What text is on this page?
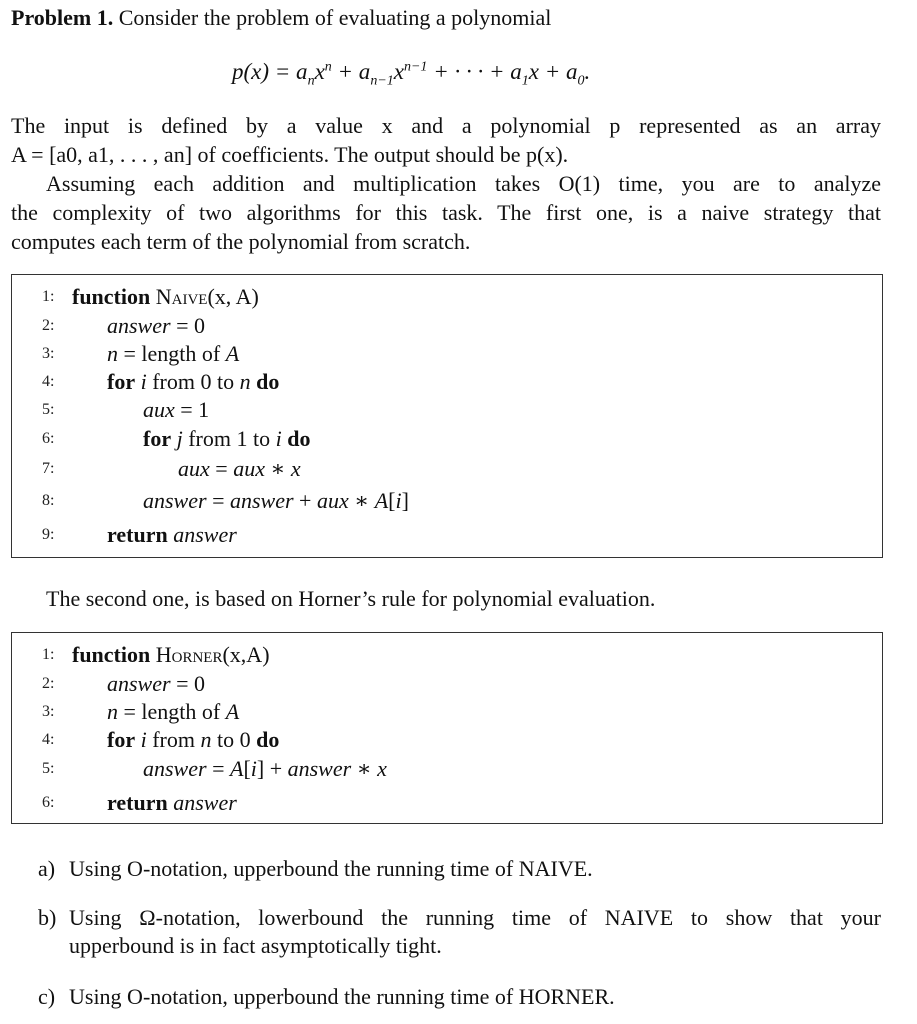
Problem 1. Consider the problem of evaluating a polynomial
$p(x) = a_nx^n + a_{n-1}x^{n-1}$ + · · · + $a_1x + a_0$.
The input is defined by a value x and a polynomial p represented as an array
A = [a0, a1, . . . , an] of coefficients. The output should be p(x).
Assuming each addition and multiplication takes O(1) time, you are to analyze
the complexity of two algorithms for this task. The first one, is a naive strategy that
computes each term of the polynomial from scratch.
1: function Naive(x, A)
2:	answer = 0
3:	n = length of A
4:	for i from 0 to n do
5:	aux = 1
6:	for j from 1 to i do
7:	aux = aux ∗ x
8:	answer = answer + aux ∗ A[i]
9:	return answer
The second one, is based on Horner’s rule for polynomial evaluation.
1: function Horner(x,A)
2:	answer = 0
3:	n = length of A
4:	for i from n to 0 do
5:	answer = A[i] + answer ∗ x
6:	return answer
a) Using O-notation, upperbound the running time of NAIVE.
b) Using Ω-notation, lowerbound the running time of NAIVE to show that your
upperbound is in fact asymptotically tight.
c) Using O-notation, upperbound the running time of HORNER.
